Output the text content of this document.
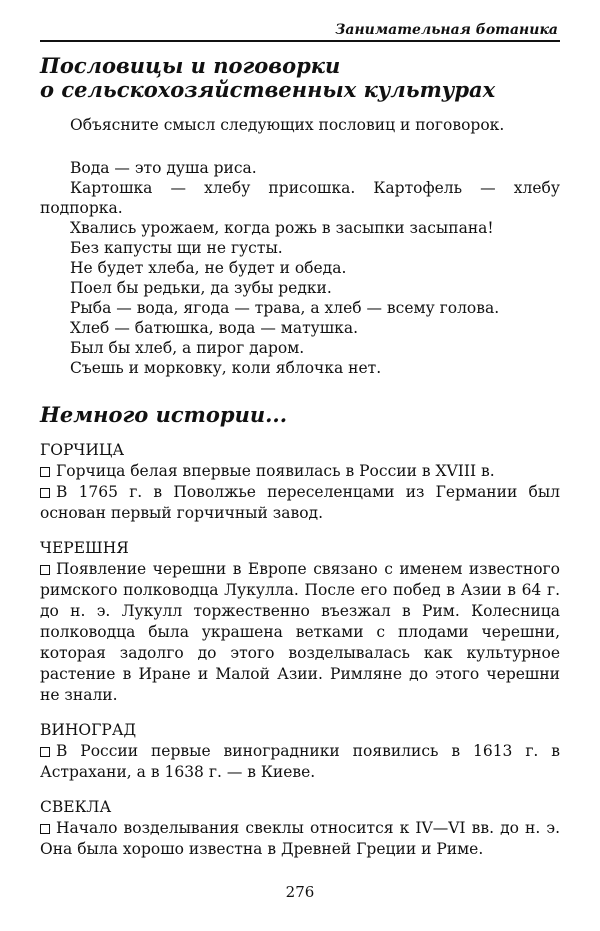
Занимательная ботаника
Пословицы и поговорки
о сельскохозяйственных культурах
Объясните смысл следующих пословиц и поговорок.
Вода — это душа риса.
Картошка — хлебу присошка. Картофель — хлебу подпорка.
Хвались урожаем, когда рожь в засыпки засыпана!
Без капусты щи не густы.
Не будет хлеба, не будет и обеда.
Поел бы редьки, да зубы редки.
Рыба — вода, ягода — трава, а хлеб — всему голова.
Хлеб — батюшка, вода — матушка.
Был бы хлеб, а пирог даром.
Съешь и морковку, коли яблочка нет.
Немного истории...
ГОРЧИЦА
Горчица белая впервые появилась в России в XVIII в.
В 1765 г. в Поволжье переселенцами из Германии был основан первый горчичный завод.
ЧЕРЕШНЯ
Появление черешни в Европе связано с именем известного римского полководца Лукулла. После его побед в Азии в 64 г. до н. э. Лукулл торжественно въезжал в Рим. Колесница полководца была украшена ветками с плодами черешни, которая задолго до этого возделывалась как культурное растение в Иране и Малой Азии. Римляне до этого черешни не знали.
ВИНОГРАД
В России первые виноградники появились в 1613 г. в Астрахани, а в 1638 г. — в Киеве.
СВЕКЛА
Начало возделывания свеклы относится к IV—VI вв. до н. э. Она была хорошо известна в Древней Греции и Риме.
276
